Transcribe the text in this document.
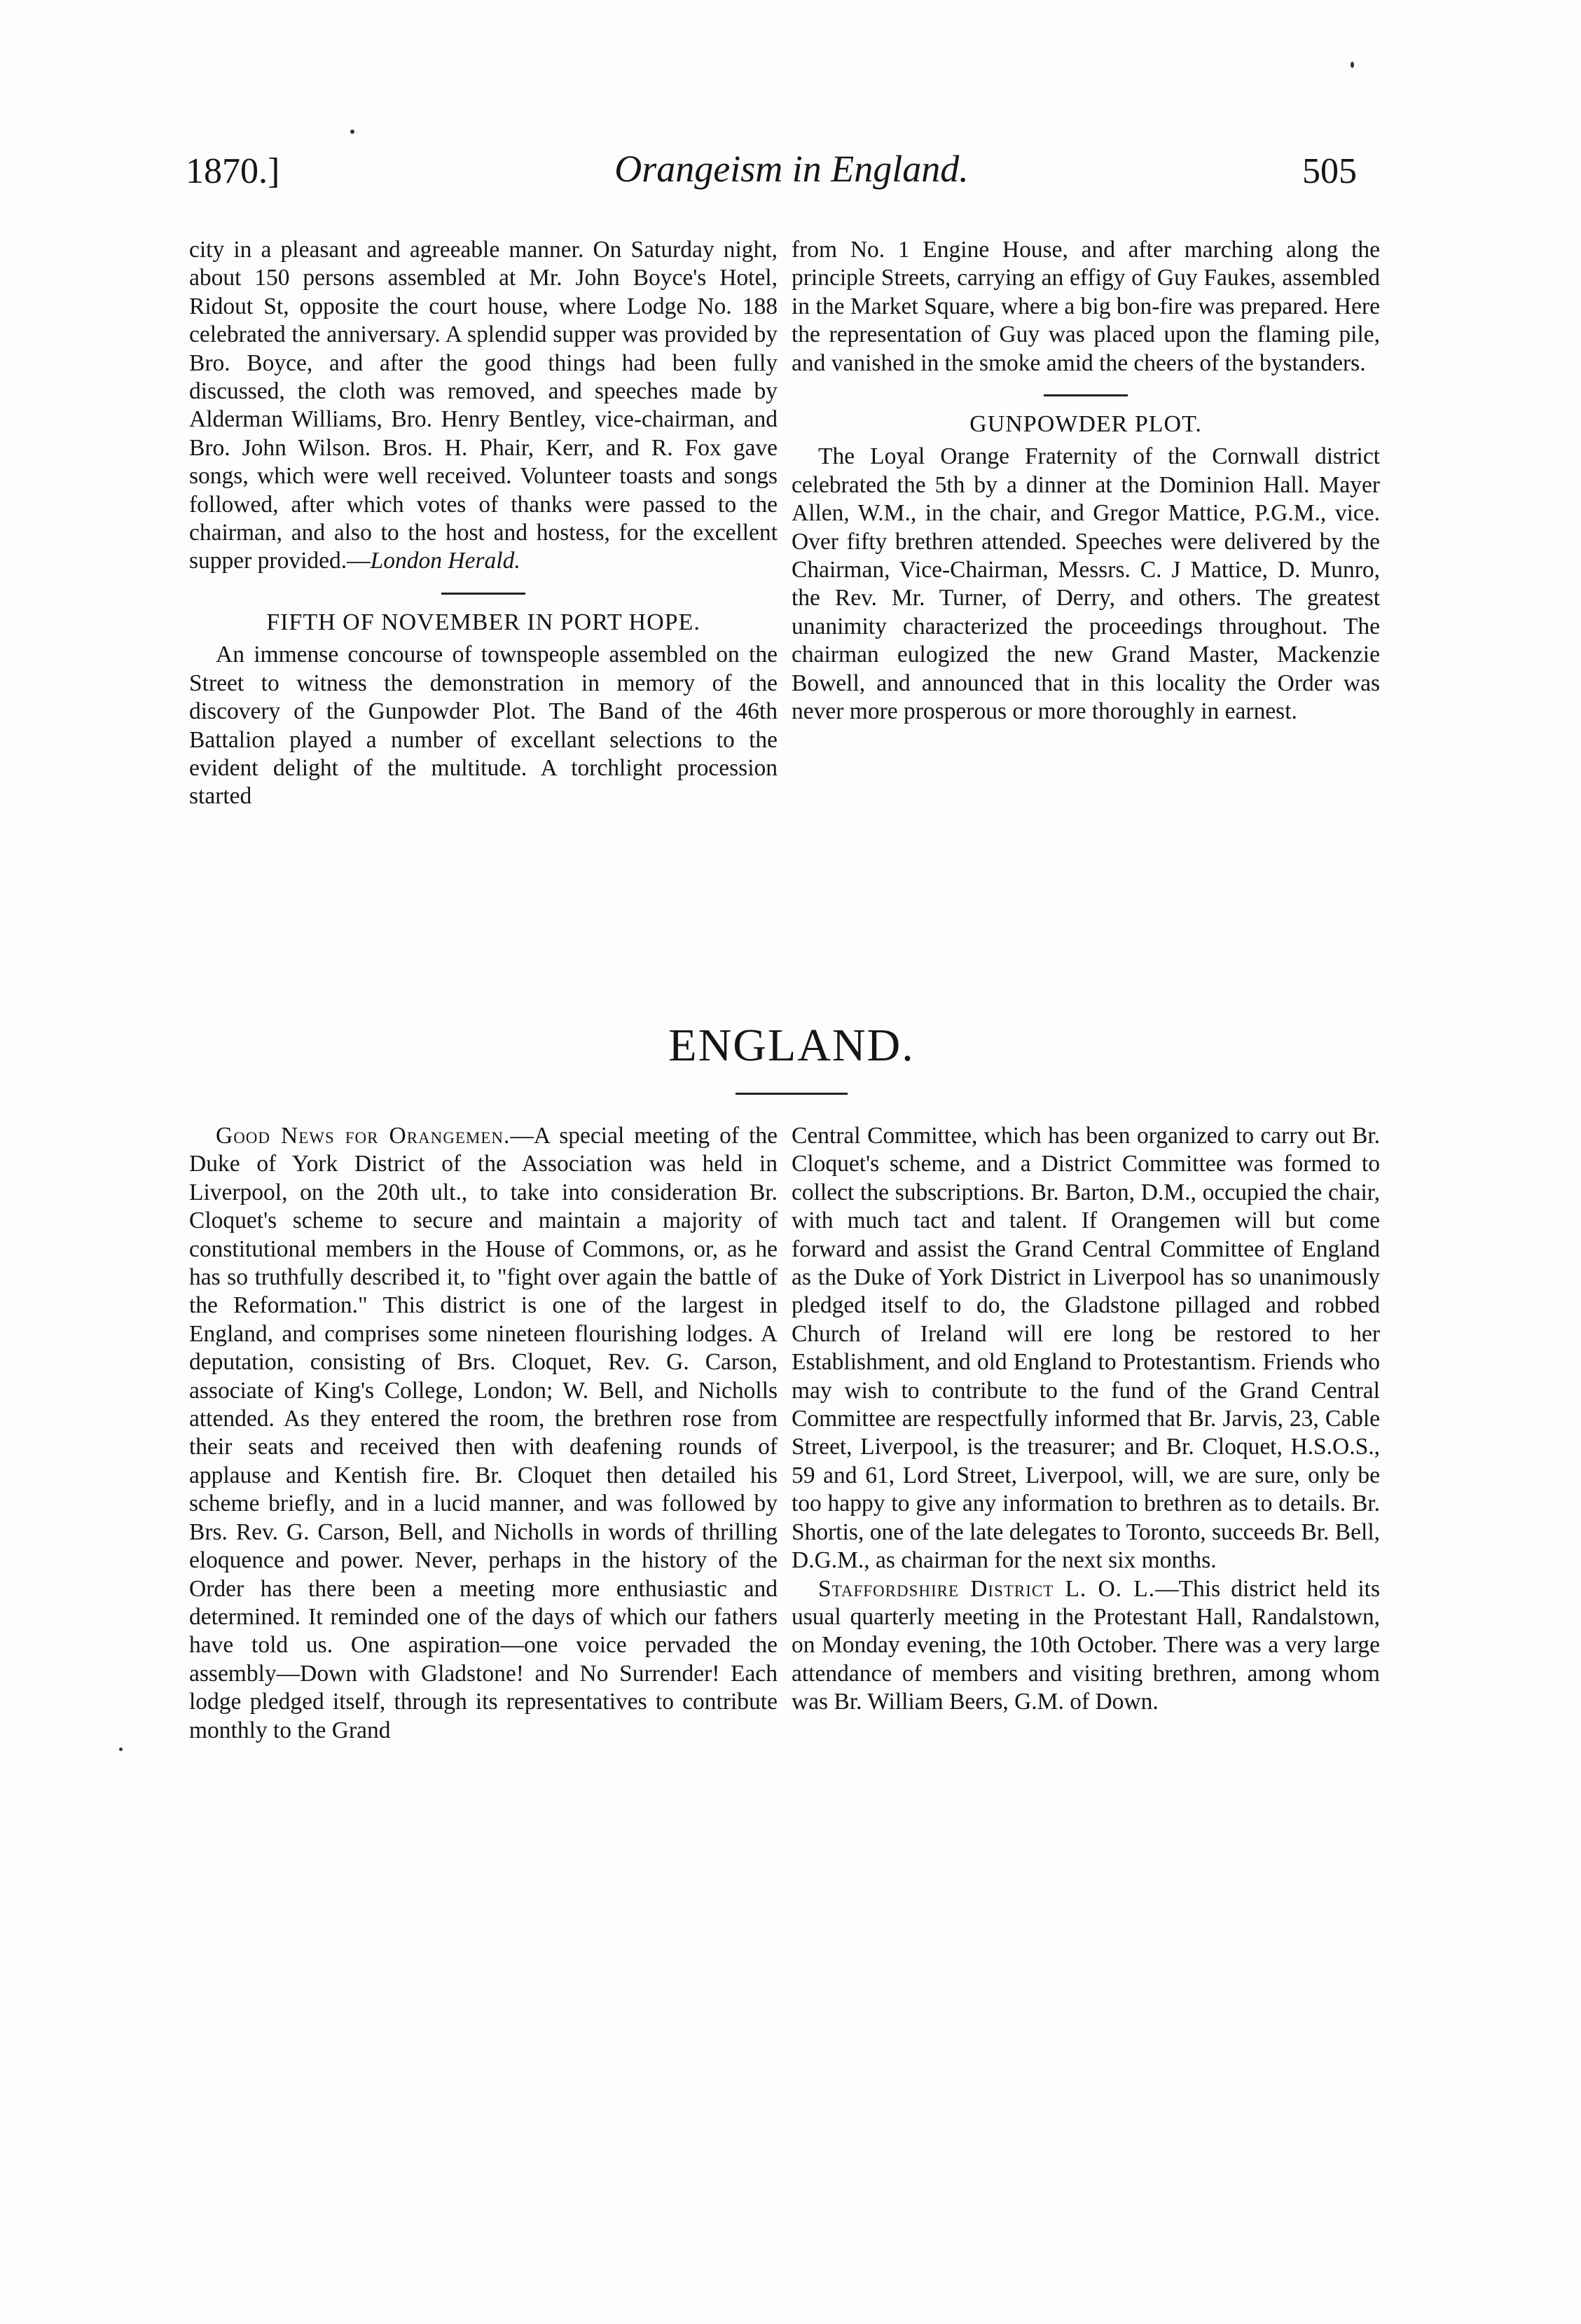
1870.]	Orangeism in England.	505

city in a pleasant and agreeable manner. On Saturday night, about 150 persons assembled at Mr. John Boyce's Hotel, Ridout St, opposite the court house, where Lodge No. 188 celebrated the anniversary. A splendid supper was provided by Bro. Boyce, and after the good things had been fully discussed, the cloth was removed, and speeches made by Alderman Williams, Bro. Henry Bentley, vice-chairman, and Bro. John Wilson. Bros. H. Phair, Kerr, and R. Fox gave songs, which were well received. Volunteer toasts and songs followed, after which votes of thanks were passed to the chairman, and also to the host and hostess, for the excellent supper provided.—London Herald.

FIFTH OF NOVEMBER IN PORT HOPE.

An immense concourse of townspeople assembled on the Street to witness the demonstration in memory of the discovery of the Gunpowder Plot. The Band of the 46th Battalion played a number of excellant selections to the evident delight of the multitude. A torchlight procession started

from No. 1 Engine House, and after marching along the principle Streets, carrying an effigy of Guy Faukes, assembled in the Market Square, where a big bon-fire was prepared. Here the representation of Guy was placed upon the flaming pile, and vanished in the smoke amid the cheers of the bystanders.

GUNPOWDER PLOT.

The Loyal Orange Fraternity of the Cornwall district celebrated the 5th by a dinner at the Dominion Hall. Mayer Allen, W.M., in the chair, and Gregor Mattice, P.G.M., vice. Over fifty brethren attended. Speeches were delivered by the Chairman, Vice-Chairman, Messrs. C. J Mattice, D. Munro, the Rev. Mr. Turner, of Derry, and others. The greatest unanimity characterized the proceedings throughout. The chairman eulogized the new Grand Master, Mackenzie Bowell, and announced that in this locality the Order was never more prosperous or more thoroughly in earnest.

ENGLAND.

Good News for Orangemen.—A special meeting of the Duke of York District of the Association was held in Liverpool, on the 20th ult., to take into consideration Br. Cloquet's scheme to secure and maintain a majority of constitutional members in the House of Commons, or, as he has so truthfully described it, to "fight over again the battle of the Reformation." This district is one of the largest in England, and comprises some nineteen flourishing lodges. A deputation, consisting of Brs. Cloquet, Rev. G. Carson, associate of King's College, London; W. Bell, and Nicholls attended. As they entered the room, the brethren rose from their seats and received then with deafening rounds of applause and Kentish fire. Br. Cloquet then detailed his scheme briefly, and in a lucid manner, and was followed by Brs. Rev. G. Carson, Bell, and Nicholls in words of thrilling eloquence and power. Never, perhaps in the history of the Order has there been a meeting more enthusiastic and determined. It reminded one of the days of which our fathers have told us. One aspiration—one voice pervaded the assembly—Down with Gladstone! and No Surrender! Each lodge pledged itself, through its representatives to contribute monthly to the Grand

Central Committee, which has been organized to carry out Br. Cloquet's scheme, and a District Committee was formed to collect the subscriptions. Br. Barton, D.M., occupied the chair, with much tact and talent. If Orangemen will but come forward and assist the Grand Central Committee of England as the Duke of York District in Liverpool has so unanimously pledged itself to do, the Gladstone pillaged and robbed Church of Ireland will ere long be restored to her Establishment, and old England to Protestantism. Friends who may wish to contribute to the fund of the Grand Central Committee are respectfully informed that Br. Jarvis, 23, Cable Street, Liverpool, is the treasurer; and Br. Cloquet, H.S.O.S., 59 and 61, Lord Street, Liverpool, will, we are sure, only be too happy to give any information to brethren as to details. Br. Shortis, one of the late delegates to Toronto, succeeds Br. Bell, D.G.M., as chairman for the next six months.

Staffordshire District L. O. L.—This district held its usual quarterly meeting in the Protestant Hall, Randalstown, on Monday evening, the 10th October. There was a very large attendance of members and visiting brethren, among whom was Br. William Beers, G.M. of Down.
